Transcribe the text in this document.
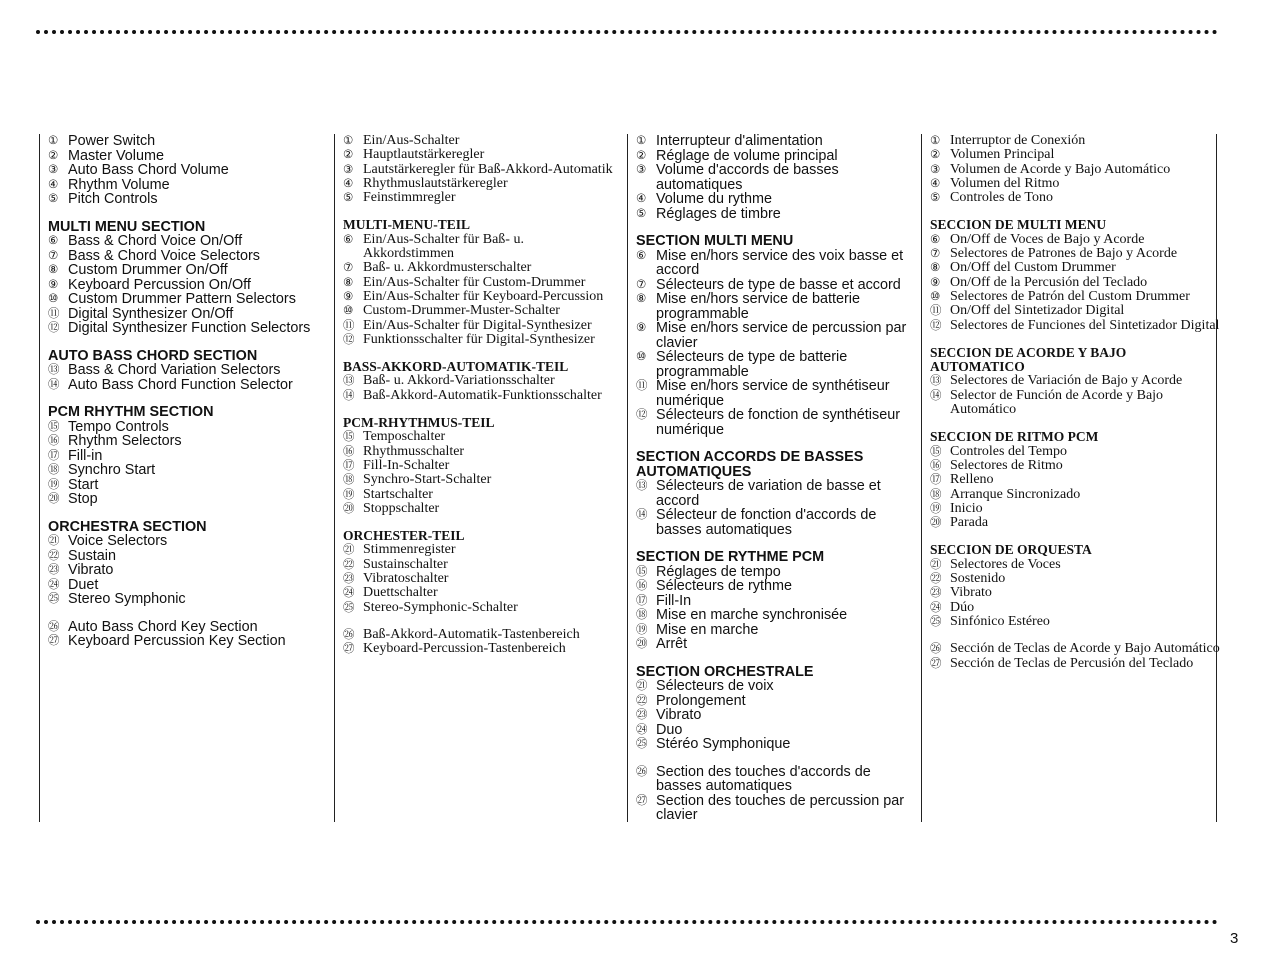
① Power Switch
② Master Volume
③ Auto Bass Chord Volume
④ Rhythm Volume
⑤ Pitch Controls
MULTI MENU SECTION
⑥ Bass & Chord Voice On/Off
⑦ Bass & Chord Voice Selectors
⑧ Custom Drummer On/Off
⑨ Keyboard Percussion On/Off
⑩ Custom Drummer Pattern Selectors
⑪ Digital Synthesizer On/Off
⑫ Digital Synthesizer Function Selectors
AUTO BASS CHORD SECTION
⑬ Bass & Chord Variation Selectors
⑭ Auto Bass Chord Function Selector
PCM RHYTHM SECTION
⑮ Tempo Controls
⑯ Rhythm Selectors
⑰ Fill-in
⑱ Synchro Start
⑲ Start
⑳ Stop
ORCHESTRA SECTION
㉑ Voice Selectors
㉒ Sustain
㉓ Vibrato
㉔ Duet
㉕ Stereo Symphonic
㉖ Auto Bass Chord Key Section
㉗ Keyboard Percussion Key Section
① Ein/Aus-Schalter
② Hauptlautstärkeregler
③ Lautstärkeregler für Baß-Akkord-Automatik
④ Rhythmuslautstärkeregler
⑤ Feinstimmregler
MULTI-MENU-TEIL
⑥ Ein/Aus-Schalter für Baß- u. Akkordstimmen
⑦ Baß- u. Akkordmusterschalter
⑧ Ein/Aus-Schalter für Custom-Drummer
⑨ Ein/Aus-Schalter für Keyboard-Percussion
⑩ Custom-Drummer-Muster-Schalter
⑪ Ein/Aus-Schalter für Digital-Synthesizer
⑫ Funktionsschalter für Digital-Synthesizer
BASS-AKKORD-AUTOMATIK-TEIL
⑬ Baß- u. Akkord-Variationsschalter
⑭ Baß-Akkord-Automatik-Funktionsschalter
PCM-RHYTHMUS-TEIL
⑮ Temposchalter
⑯ Rhythmusschalter
⑰ Fill-In-Schalter
⑱ Synchro-Start-Schalter
⑲ Startschalter
⑳ Stoppschalter
ORCHESTER-TEIL
㉑ Stimmenregister
㉒ Sustainschalter
㉓ Vibratoschalter
㉔ Duettschalter
㉕ Stereo-Symphonic-Schalter
㉖ Baß-Akkord-Automatik-Tastenbereich
㉗ Keyboard-Percussion-Tastenbereich
① Interrupteur d'alimentation
② Réglage de volume principal
③ Volume d'accords de basses automatiques
④ Volume du rythme
⑤ Réglages de timbre
SECTION MULTI MENU
⑥ Mise en/hors service des voix basse et accord
⑦ Sélecteurs de type de basse et accord
⑧ Mise en/hors service de batterie programmable
⑨ Mise en/hors service de percussion par clavier
⑩ Sélecteurs de type de batterie programmable
⑪ Mise en/hors service de synthétiseur numérique
⑫ Sélecteurs de fonction de synthétiseur numérique
SECTION ACCORDS DE BASSES AUTOMATIQUES
⑬ Sélecteurs de variation de basse et accord
⑭ Sélecteur de fonction d'accords de basses automatiques
SECTION DE RYTHME PCM
⑮ Réglages de tempo
⑯ Sélecteurs de rythme
⑰ Fill-In
⑱ Mise en marche synchronisée
⑲ Mise en marche
⑳ Arrêt
SECTION ORCHESTRALE
㉑ Sélecteurs de voix
㉒ Prolongement
㉓ Vibrato
㉔ Duo
㉕ Stéréo Symphonique
㉖ Section des touches d'accords de basses automatiques
㉗ Section des touches de percussion par clavier
① Interruptor de Conexión
② Volumen Principal
③ Volumen de Acorde y Bajo Automático
④ Volumen del Ritmo
⑤ Controles de Tono
SECCION DE MULTI MENU
⑥ On/Off de Voces de Bajo y Acorde
⑦ Selectores de Patrones de Bajo y Acorde
⑧ On/Off del Custom Drummer
⑨ On/Off de la Percusión del Teclado
⑩ Selectores de Patrón del Custom Drummer
⑪ On/Off del Sintetizador Digital
⑫ Selectores de Funciones del Sintetizador Digital
SECCION DE ACORDE Y BAJO AUTOMATICO
⑬ Selectores de Variación de Bajo y Acorde
⑭ Selector de Función de Acorde y Bajo Automático
SECCION DE RITMO PCM
⑮ Controles del Tempo
⑯ Selectores de Ritmo
⑰ Relleno
⑱ Arranque Sincronizado
⑲ Inicio
⑳ Parada
SECCION DE ORQUESTA
㉑ Selectores de Voces
㉒ Sostenido
㉓ Vibrato
㉔ Dúo
㉕ Sinfónico Estéreo
㉖ Sección de Teclas de Acorde y Bajo Automático
㉗ Sección de Teclas de Percusión del Teclado
3
